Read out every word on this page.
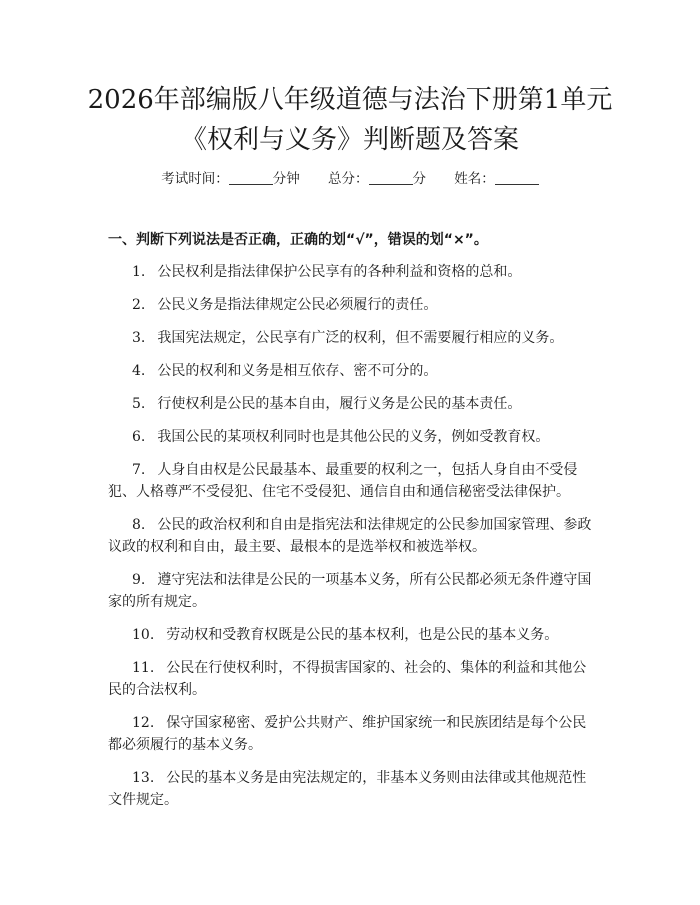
2026年部编版八年级道德与法治下册第1单元《权利与义务》判断题及答案
考试时间：	分钟 总分：	分 姓名：
一、判断下列说法是否正确，正确的划“√”，错误的划“×”。

1. 公民权利是指法律保护公民享有的各种利益和资格的总和。

2. 公民义务是指法律规定公民必须履行的责任。

3. 我国宪法规定，公民享有广泛的权利，但不需要履行相应的义务。

4. 公民的权利和义务是相互依存、密不可分的。

5. 行使权利是公民的基本自由，履行义务是公民的基本责任。

6. 我国公民的某项权利同时也是其他公民的义务，例如受教育权。

7. 人身自由权是公民最基本、最重要的权利之一，包括人身自由不受侵犯、人格尊严不受侵犯、住宅不受侵犯、通信自由和通信秘密受法律保护。

8. 公民的政治权利和自由是指宪法和法律规定的公民参加国家管理、参政议政的权利和自由，最主要、最根本的是选举权和被选举权。

9. 遵守宪法和法律是公民的一项基本义务，所有公民都必须无条件遵守国家的所有规定。

10. 劳动权和受教育权既是公民的基本权利，也是公民的基本义务。

11. 公民在行使权利时，不得损害国家的、社会的、集体的利益和其他公民的合法权利。

12. 保守国家秘密、爱护公共财产、维护国家统一和民族团结是每个公民都必须履行的基本义务。

13. 公民的基本义务是由宪法规定的，非基本义务则由法律或其他规范性文件规定。
